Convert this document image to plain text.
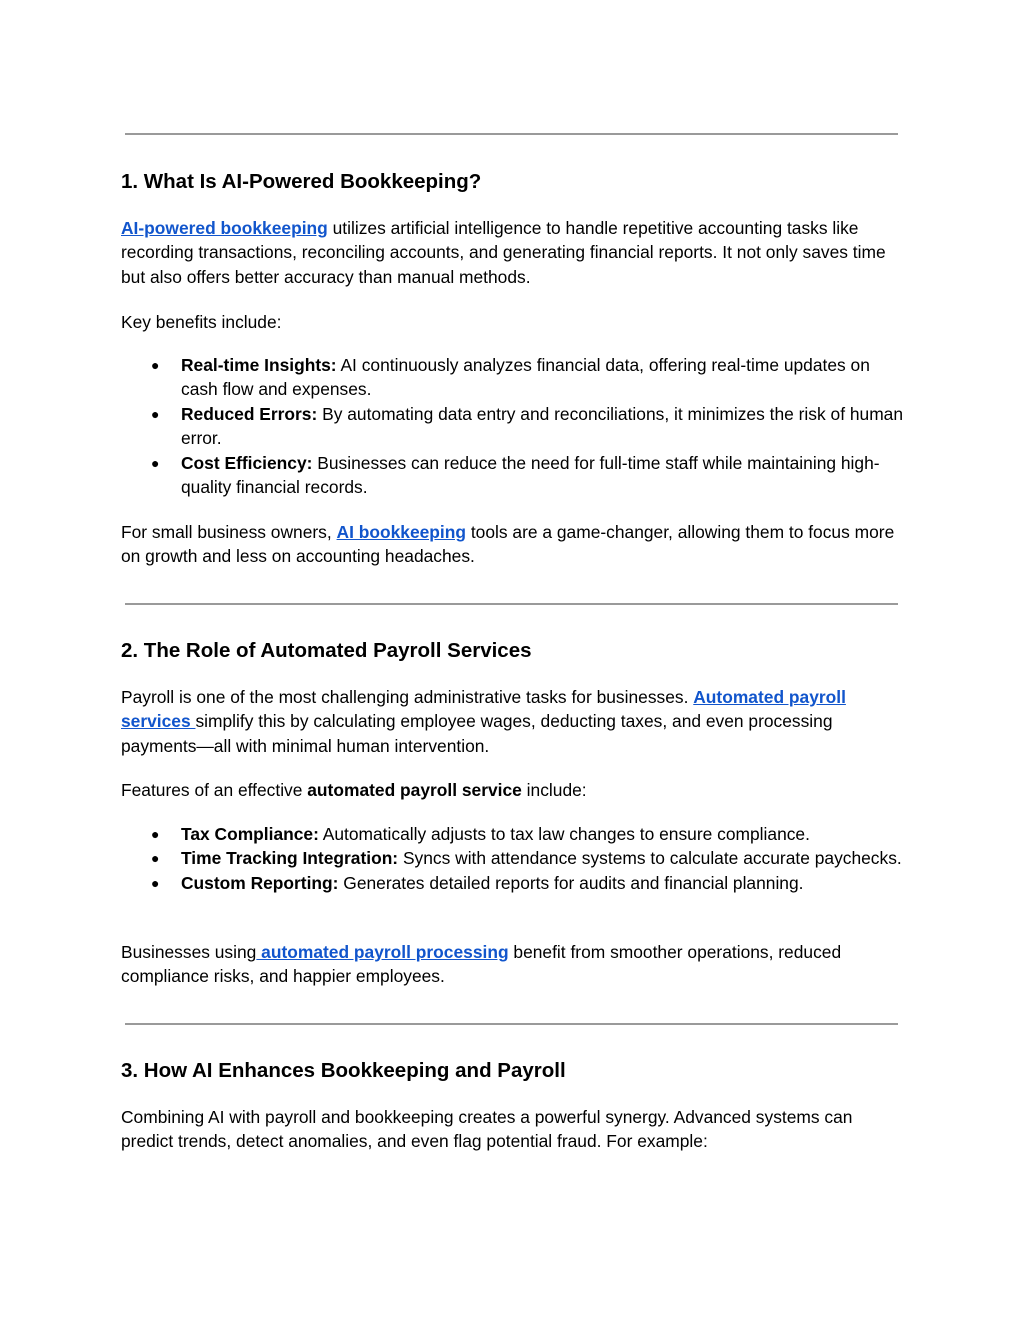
1. What Is AI-Powered Bookkeeping?

AI-powered bookkeeping utilizes artificial intelligence to handle repetitive accounting tasks like recording transactions, reconciling accounts, and generating financial reports. It not only saves time but also offers better accuracy than manual methods.

Key benefits include:

● Real-time Insights: AI continuously analyzes financial data, offering real-time updates on cash flow and expenses.
● Reduced Errors: By automating data entry and reconciliations, it minimizes the risk of human error.
● Cost Efficiency: Businesses can reduce the need for full-time staff while maintaining high-quality financial records.

For small business owners, AI bookkeeping tools are a game-changer, allowing them to focus more on growth and less on accounting headaches.

2. The Role of Automated Payroll Services

Payroll is one of the most challenging administrative tasks for businesses. Automated payroll services simplify this by calculating employee wages, deducting taxes, and even processing payments—all with minimal human intervention.

Features of an effective automated payroll service include:

● Tax Compliance: Automatically adjusts to tax law changes to ensure compliance.
● Time Tracking Integration: Syncs with attendance systems to calculate accurate paychecks.
● Custom Reporting: Generates detailed reports for audits and financial planning.

Businesses using automated payroll processing benefit from smoother operations, reduced compliance risks, and happier employees.

3. How AI Enhances Bookkeeping and Payroll

Combining AI with payroll and bookkeeping creates a powerful synergy. Advanced systems can predict trends, detect anomalies, and even flag potential fraud. For example:
